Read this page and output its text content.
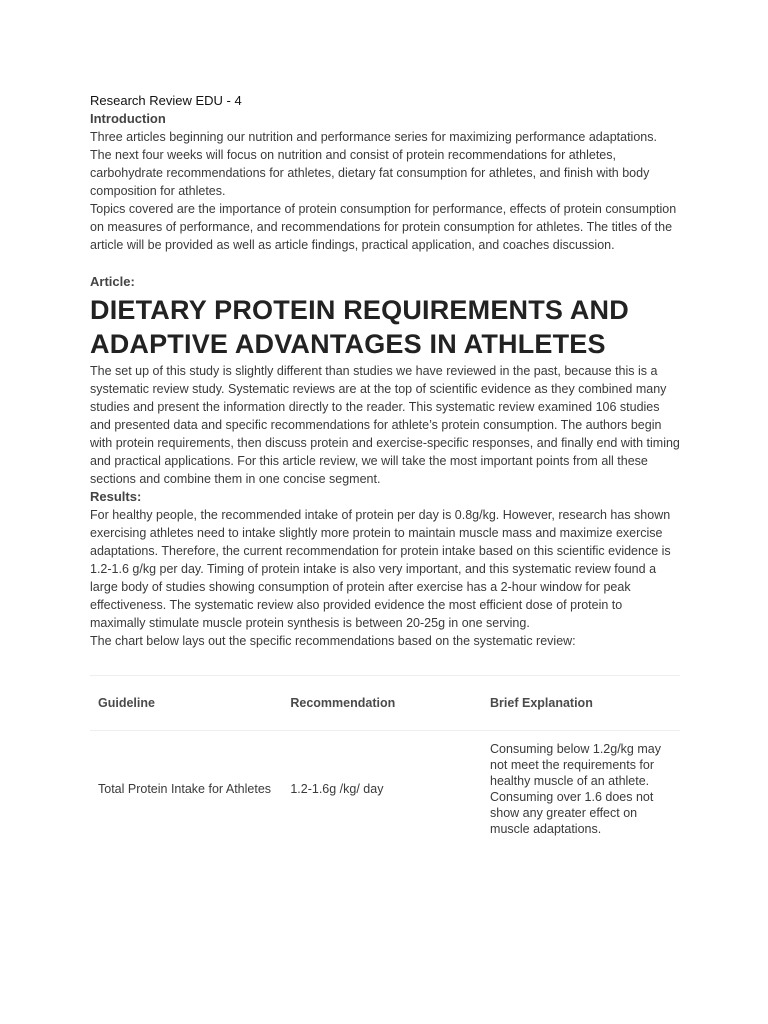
Research Review EDU - 4

Introduction

Three articles beginning our nutrition and performance series for maximizing performance adaptations. The next four weeks will focus on nutrition and consist of protein recommendations for athletes, carbohydrate recommendations for athletes, dietary fat consumption for athletes, and finish with body composition for athletes.

Topics covered are the importance of protein consumption for performance, effects of protein consumption on measures of performance, and recommendations for protein consumption for athletes. The titles of the article will be provided as well as article findings, practical application, and coaches discussion.

Article:

DIETARY PROTEIN REQUIREMENTS AND ADAPTIVE ADVANTAGES IN ATHLETES

The set up of this study is slightly different than studies we have reviewed in the past, because this is a systematic review study. Systematic reviews are at the top of scientific evidence as they combined many studies and present the information directly to the reader. This systematic review examined 106 studies and presented data and specific recommendations for athlete’s protein consumption. The authors begin with protein requirements, then discuss protein and exercise-specific responses, and finally end with timing and practical applications. For this article review, we will take the most important points from all these sections and combine them in one concise segment.

Results:

For healthy people, the recommended intake of protein per day is 0.8g/kg. However, research has shown exercising athletes need to intake slightly more protein to maintain muscle mass and maximize exercise adaptations. Therefore, the current recommendation for protein intake based on this scientific evidence is 1.2-1.6 g/kg per day. Timing of protein intake is also very important, and this systematic review found a large body of studies showing consumption of protein after exercise has a 2-hour window for peak effectiveness. The systematic review also provided evidence the most efficient dose of protein to maximally stimulate muscle protein synthesis is between 20-25g in one serving.

The chart below lays out the specific recommendations based on the systematic review:

Guideline	Recommendation	Brief Explanation
Total Protein Intake for Athletes	1.2-1.6g /kg/ day	Consuming below 1.2g/kg may not meet the requirements for healthy muscle of an athlete. Consuming over 1.6 does not show any greater effect on muscle adaptations.
